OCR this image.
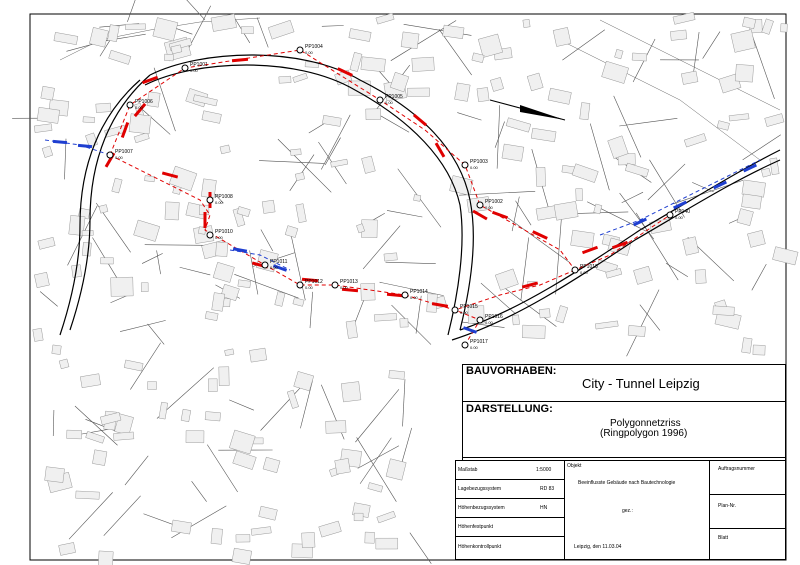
PP1004
0.00
PP1005
0.00
PP1003
0.00
PP1002
0.00
PP1001
0.00
PP1006
0.00
PP1007
0.00
PP1008
0.00
PP1010
0.00
PP1011
0.00
PP1012
0.00
PP1013
0.00
PP1014
0.00
PP1015
0.00
PP1016
0.00
PP1017
0.00
PP140
0.00
PP1018
0.00
BAUVORHABEN:
City - Tunnel Leipzig
DARSTELLUNG:
Polygonnetzriss
(Ringpolygon 1996)
Maßstab	1:5000
Lagebezugssystem	RD 83
Höhenbezugssystem	HN
Höhenfestpunkt
Höhenkontrollpunkt
Objekt
Beeinflusste Gebäude nach Bautechnologie
gez.:
Leipzig, den 11.03.04
Auftragsnummer
Plan-Nr.
Blatt
